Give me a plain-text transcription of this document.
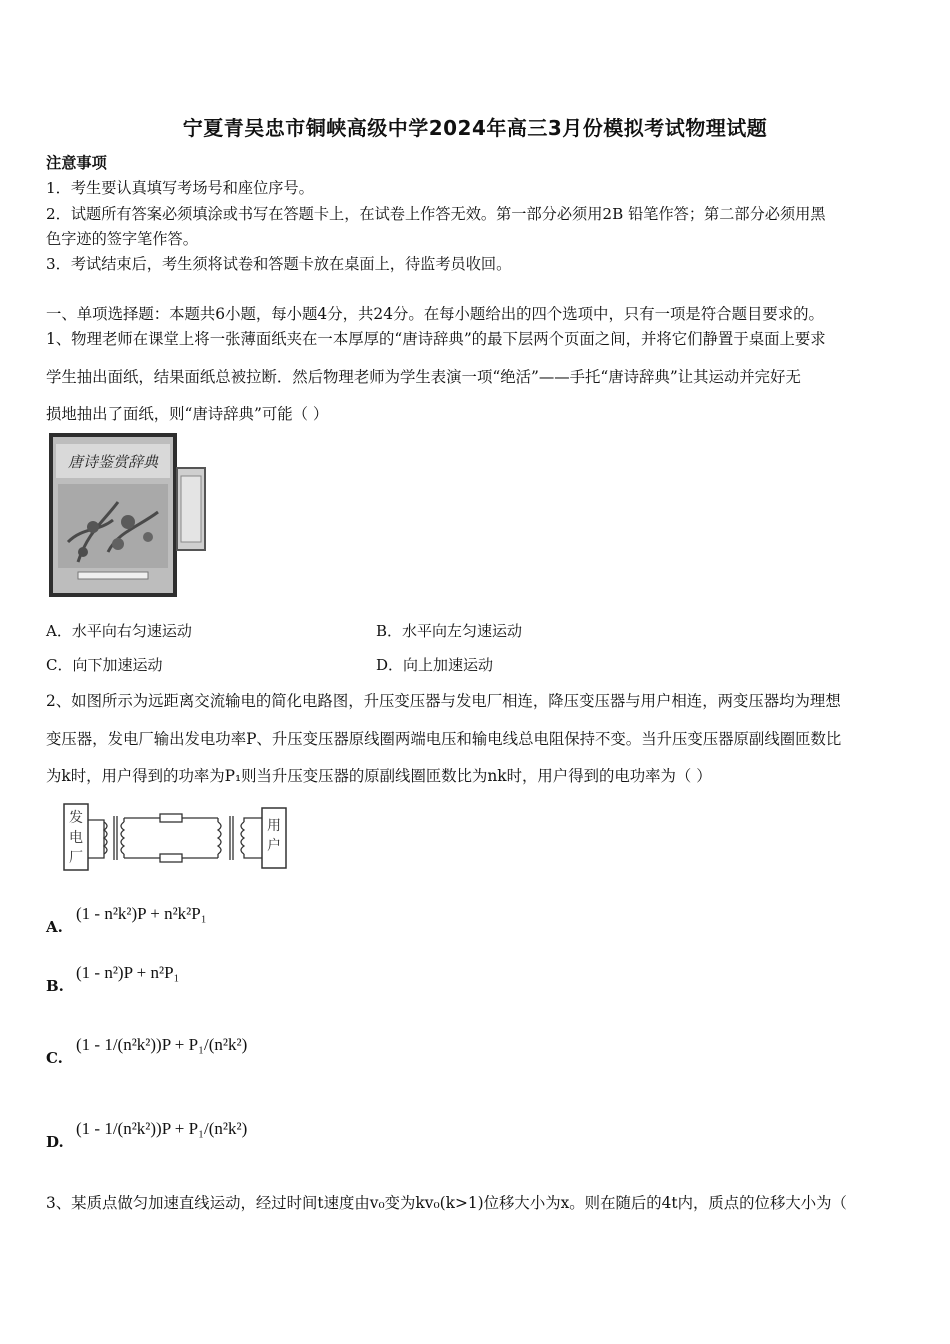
宁夏青吴忠市铜峡高级中学2024年高三3月份模拟考试物理试题
注意事项
1．考生要认真填写考场号和座位序号。
2．试题所有答案必须填涂或书写在答题卡上，在试卷上作答无效。第一部分必须用2B 铅笔作答；第二部分必须用黑
色字迹的签字笔作答。
3．考试结束后，考生须将试卷和答题卡放在桌面上，待监考员收回。
一、单项选择题：本题共6小题，每小题4分，共24分。在每小题给出的四个选项中，只有一项是符合题目要求的。
1、物理老师在课堂上将一张薄面纸夹在一本厚厚的“唐诗辞典”的最下层两个页面之间，并将它们静置于桌面上要求
学生抽出面纸，结果面纸总被拉断．然后物理老师为学生表演一项“绝活”——手托“唐诗辞典”让其运动并完好无
损地抽出了面纸，则“唐诗辞典”可能（ ）
唐诗鉴赏辞典
A．水平向右匀速运动	B．水平向左匀速运动
C．向下加速运动	D．向上加速运动
2、如图所示为远距离交流输电的简化电路图，升压变压器与发电厂相连，降压变压器与用户相连，两变压器均为理想
变压器，发电厂输出发电功率P、升压变压器原线圈两端电压和输电线总电阻保持不变。当升压变压器原副线圈匝数比
为k时，用户得到的功率为P₁则当升压变压器的原副线圈匝数比为nk时，用户得到的电功率为（ ）
发
电
厂
用
户
A.
(1 - n²k²)P + n²k²P₁
B.
(1 - n²)P + n²P₁
C.
(1 - 1/(n²k²))P + P₁/(n²k²)
D.
(1 - 1/(n²k²))P + P₁/(n²k²)
3、某质点做匀加速直线运动，经过时间t速度由v₀变为kv₀(k>1)位移大小为x。则在随后的4t内，质点的位移大小为（
